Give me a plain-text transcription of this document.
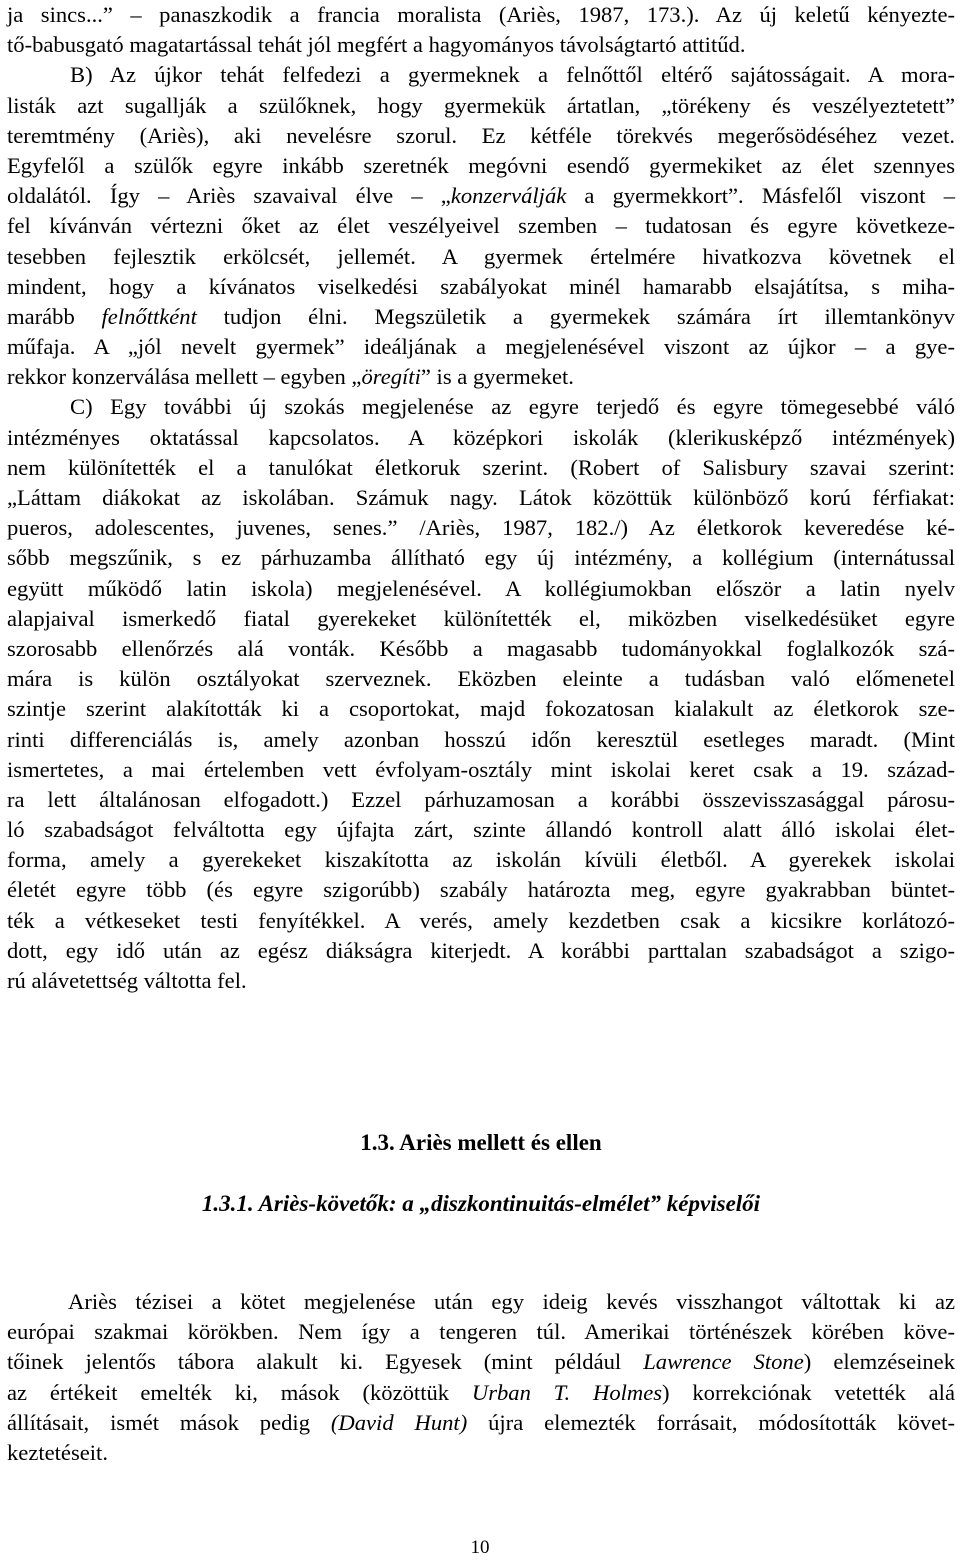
ja sincs...” – panaszkodik a francia moralista (Ariès, 1987, 173.). Az új keletű kényezte-
tő-babusgató magatartással tehát jól megfért a hagyományos távolságtartó attitűd.
B) Az újkor tehát felfedezi a gyermeknek a felnőttől eltérő sajátosságait. A mora-
listák azt sugallják a szülőknek, hogy gyermekük ártatlan, „törékeny és veszélyeztetett”
teremtmény (Ariès), aki nevelésre szorul. Ez kétféle törekvés megerősödéséhez vezet.
Egyfelől a szülők egyre inkább szeretnék megóvni esendő gyermekiket az élet szennyes
oldalától. Így – Ariès szavaival élve – „konzerválják a gyermekkort”. Másfelől viszont –
fel kívánván vértezni őket az élet veszélyeivel szemben – tudatosan és egyre következe-
tesebben fejlesztik erkölcsét, jellemét. A gyermek értelmére hivatkozva követnek el
mindent, hogy a kívánatos viselkedési szabályokat minél hamarabb elsajátítsa, s miha-
marább felnőttként tudjon élni. Megszületik a gyermekek számára írt illemtankönyv
műfaja. A „jól nevelt gyermek” ideáljának a megjelenésével viszont az újkor – a gye-
rekkor konzerválása mellett – egyben „öregíti” is a gyermeket.
C) Egy további új szokás megjelenése az egyre terjedő és egyre tömegesebbé váló
intézményes oktatással kapcsolatos. A középkori iskolák (klerikusképző intézmények)
nem különítették el a tanulókat életkoruk szerint. (Robert of Salisbury szavai szerint:
„Láttam diákokat az iskolában. Számuk nagy. Látok közöttük különböző korú férfiakat:
pueros, adolescentes, juvenes, senes.” /Ariès, 1987, 182./) Az életkorok keveredése ké-
sőbb megszűnik, s ez párhuzamba állítható egy új intézmény, a kollégium (internátussal
együtt működő latin iskola) megjelenésével. A kollégiumokban először a latin nyelv
alapjaival ismerkedő fiatal gyerekeket különítették el, miközben viselkedésüket egyre
szorosabb ellenőrzés alá vonták. Később a magasabb tudományokkal foglalkozók szá-
mára is külön osztályokat szerveznek. Eközben eleinte a tudásban való előmenetel
szintje szerint alakították ki a csoportokat, majd fokozatosan kialakult az életkorok sze-
rinti differenciálás is, amely azonban hosszú időn keresztül esetleges maradt. (Mint
ismertetes, a mai értelemben vett évfolyam-osztály mint iskolai keret csak a 19. század-
ra lett általánosan elfogadott.) Ezzel párhuzamosan a korábbi összevisszasággal párosu-
ló szabadságot felváltotta egy újfajta zárt, szinte állandó kontroll alatt álló iskolai élet-
forma, amely a gyerekeket kiszakította az iskolán kívüli életből. A gyerekek iskolai
életét egyre több (és egyre szigorúbb) szabály határozta meg, egyre gyakrabban büntet-
ték a vétkeseket testi fenyítékkel. A verés, amely kezdetben csak a kicsikre korlátozó-
dott, egy idő után az egész diákságra kiterjedt. A korábbi parttalan szabadságot a szigo-
rú alávetettség váltotta fel.
1.3. Ariès mellett és ellen
1.3.1. Ariès-követők: a „diszkontinuitás-elmélet” képviselői
Ariès tézisei a kötet megjelenése után egy ideig kevés visszhangot váltottak ki az
európai szakmai körökben. Nem így a tengeren túl. Amerikai történészek körében köve-
tőinek jelentős tábora alakult ki. Egyesek (mint például Lawrence Stone) elemzéseinek
az értékeit emelték ki, mások (közöttük Urban T. Holmes) korrekciónak vetették alá
állításait, ismét mások pedig (David Hunt) újra elemezték forrásait, módosították követ-
keztetéseit.
10
